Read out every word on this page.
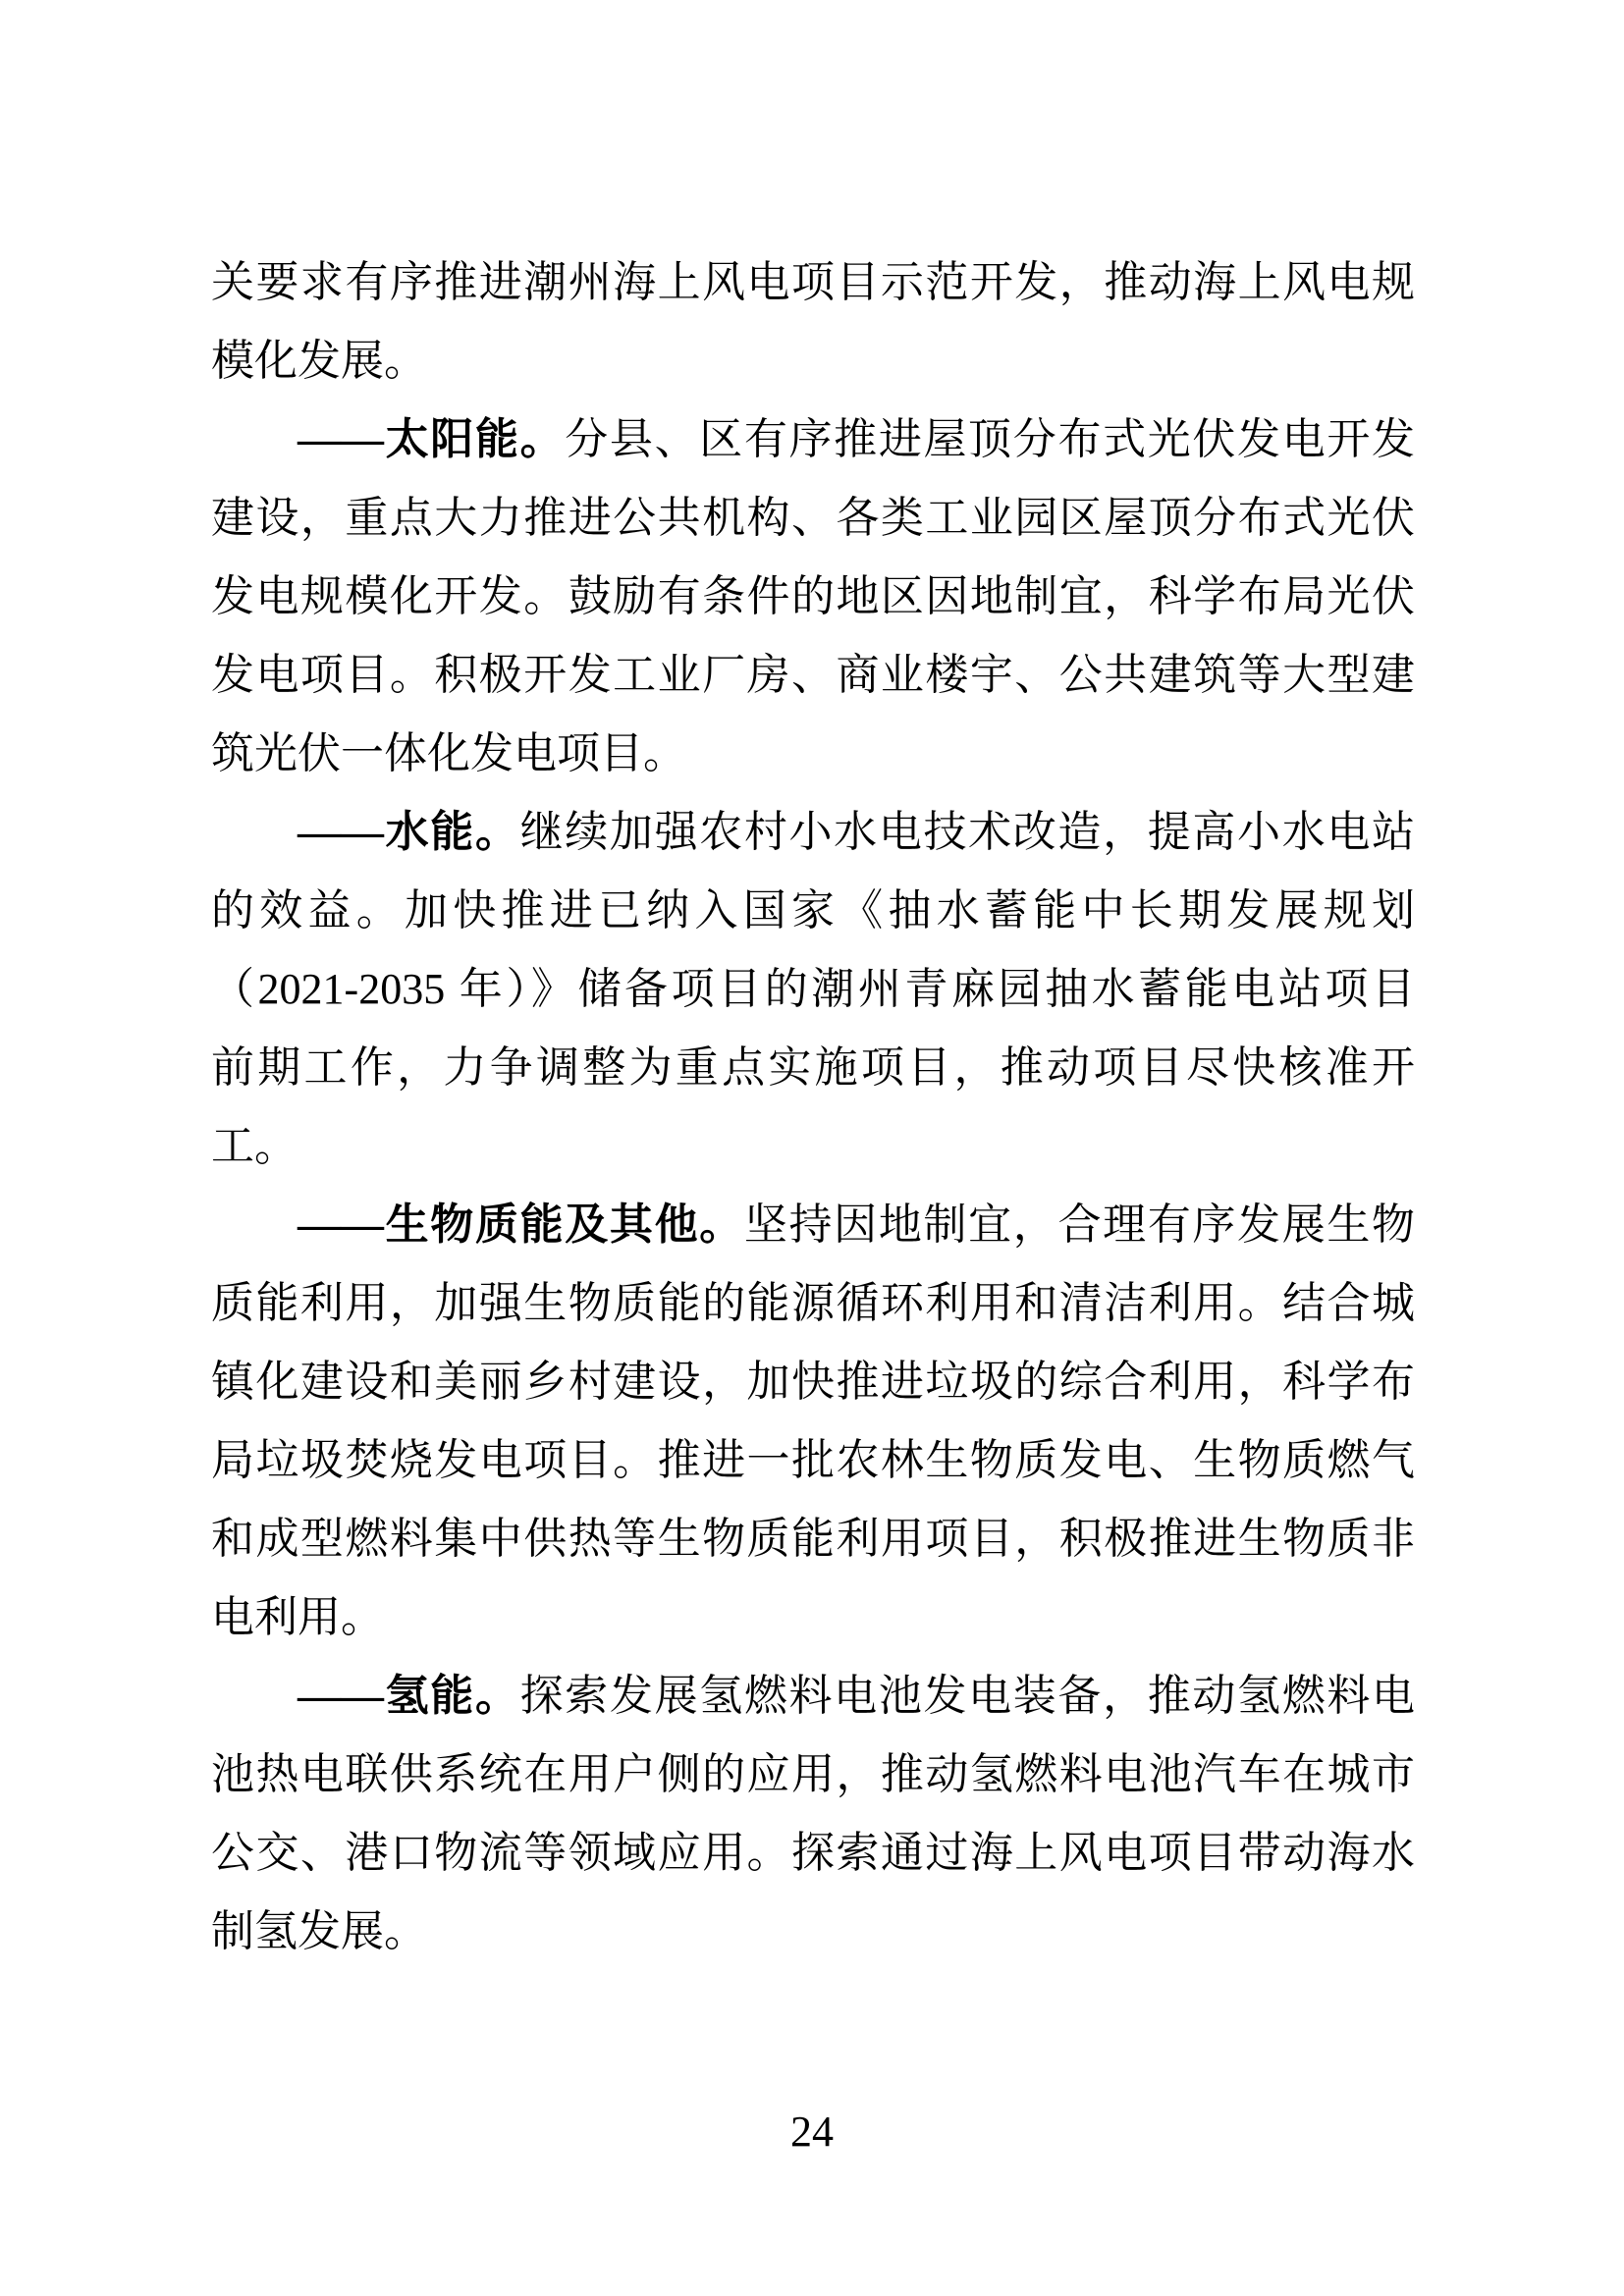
关要求有序推进潮州海上风电项目示范开发，推动海上风电规
模化发展。
——太阳能。分县、区有序推进屋顶分布式光伏发电开发
建设，重点大力推进公共机构、各类工业园区屋顶分布式光伏
发电规模化开发。鼓励有条件的地区因地制宜，科学布局光伏
发电项目。积极开发工业厂房、商业楼宇、公共建筑等大型建
筑光伏一体化发电项目。
——水能。继续加强农村小水电技术改造，提高小水电站
的效益。加快推进已纳入国家《抽水蓄能中长期发展规划
（2021-2035 年）》储备项目的潮州青麻园抽水蓄能电站项目
前期工作，力争调整为重点实施项目，推动项目尽快核准开
工。
——生物质能及其他。坚持因地制宜，合理有序发展生物
质能利用，加强生物质能的能源循环利用和清洁利用。结合城
镇化建设和美丽乡村建设，加快推进垃圾的综合利用，科学布
局垃圾焚烧发电项目。推进一批农林生物质发电、生物质燃气
和成型燃料集中供热等生物质能利用项目，积极推进生物质非
电利用。
——氢能。探索发展氢燃料电池发电装备，推动氢燃料电
池热电联供系统在用户侧的应用，推动氢燃料电池汽车在城市
公交、港口物流等领域应用。探索通过海上风电项目带动海水
制氢发展。
24
